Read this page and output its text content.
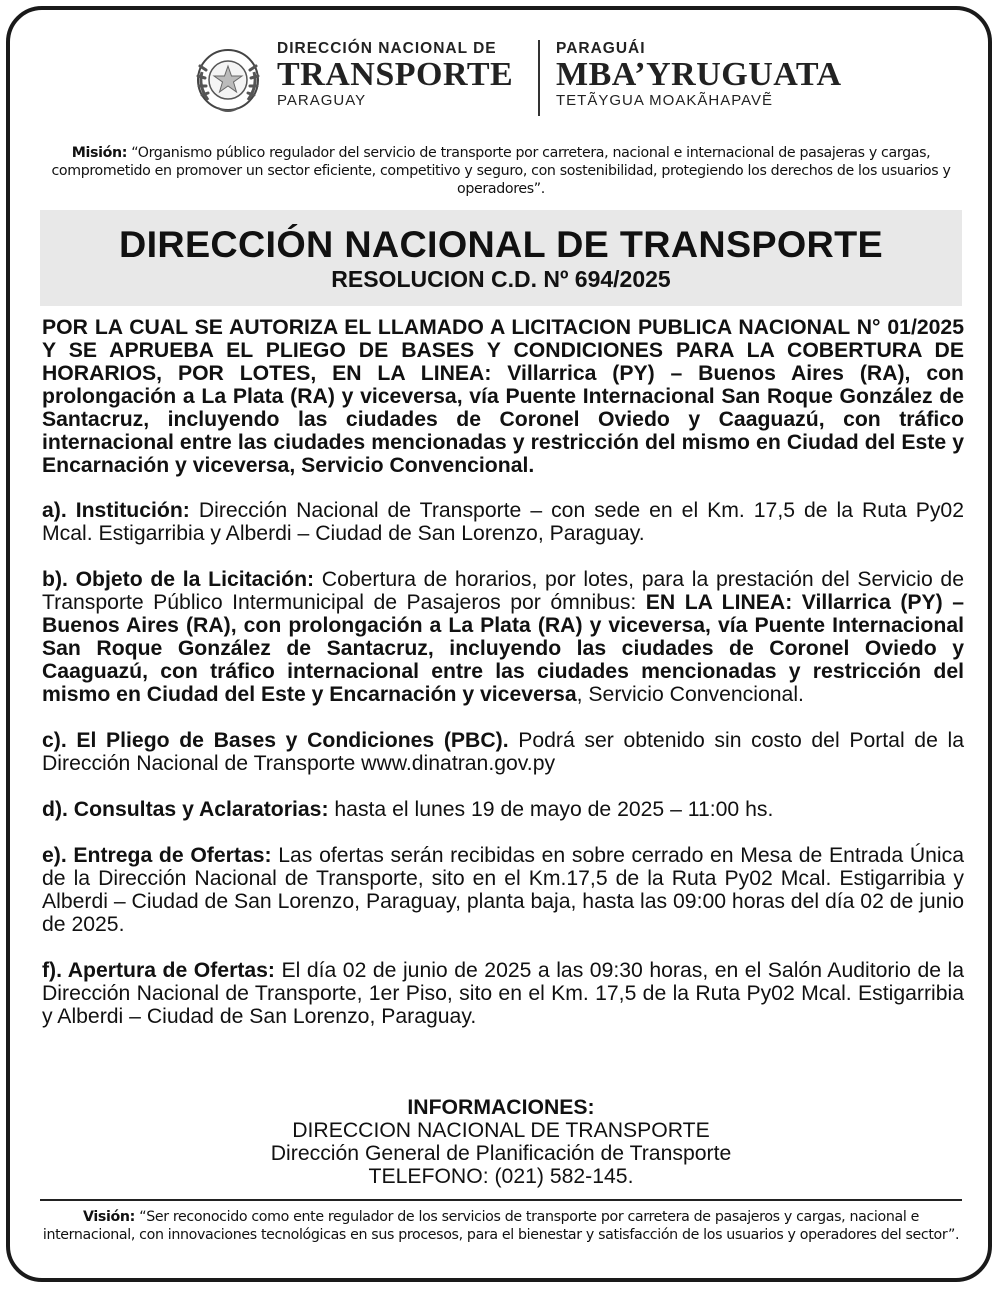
DIRECCIÓN NACIONAL DE
TRANSPORTE
PARAGUAY
PARAGUÁI
MBA’YRUGUATA
TETÃYGUA MOAKÃHAPAVẼ
Misión: “Organismo público regulador del servicio de transporte por carretera, nacional e internacional de pasajeras y cargas, comprometido en promover un sector eficiente, competitivo y seguro, con sostenibilidad, protegiendo los derechos de los usuarios y operadores”.
DIRECCIÓN NACIONAL DE TRANSPORTE
RESOLUCION C.D. Nº 694/2025

POR LA CUAL SE AUTORIZA EL LLAMADO A LICITACION PUBLICA NACIONAL N° 01/2025 Y SE APRUEBA EL PLIEGO DE BASES Y CONDICIONES PARA LA COBERTURA DE HORARIOS, POR LOTES, EN LA LINEA: Villarrica (PY) – Buenos Aires (RA), con prolongación a La Plata (RA) y viceversa, vía Puente Internacional San Roque González de Santacruz, incluyendo las ciudades de Coronel Oviedo y Caaguazú, con tráfico internacional entre las ciudades mencionadas y restricción del mismo en Ciudad del Este y Encarnación y viceversa, Servicio Convencional.

a). Institución: Dirección Nacional de Transporte – con sede en el Km. 17,5 de la Ruta Py02 Mcal. Estigarribia y Alberdi – Ciudad de San Lorenzo, Paraguay.

b). Objeto de la Licitación: Cobertura de horarios, por lotes, para la prestación del Servicio de Transporte Público Intermunicipal de Pasajeros por ómnibus: EN LA LINEA: Villarrica (PY) – Buenos Aires (RA), con prolongación a La Plata (RA) y viceversa, vía Puente Internacional San Roque González de Santacruz, incluyendo las ciudades de Coronel Oviedo y Caaguazú, con tráfico internacional entre las ciudades mencionadas y restricción del mismo en Ciudad del Este y Encarnación y viceversa, Servicio Convencional.

c). El Pliego de Bases y Condiciones (PBC). Podrá ser obtenido sin costo del Portal de la Dirección Nacional de Transporte www.dinatran.gov.py

d). Consultas y Aclaratorias: hasta el lunes 19 de mayo de 2025 – 11:00 hs.

e). Entrega de Ofertas: Las ofertas serán recibidas en sobre cerrado en Mesa de Entrada Única de la Dirección Nacional de Transporte, sito en el Km.17,5 de la Ruta Py02 Mcal. Estigarribia y Alberdi – Ciudad de San Lorenzo, Paraguay, planta baja, hasta las 09:00 horas del día 02 de junio de 2025.

f). Apertura de Ofertas: El día 02 de junio de 2025 a las 09:30 horas, en el Salón Auditorio de la Dirección Nacional de Transporte, 1er Piso, sito en el Km. 17,5 de la Ruta Py02 Mcal. Estigarribia y Alberdi – Ciudad de San Lorenzo, Paraguay.

INFORMACIONES:
DIRECCION NACIONAL DE TRANSPORTE
Dirección General de Planificación de Transporte
TELEFONO: (021) 582-145.
Visión: “Ser reconocido como ente regulador de los servicios de transporte por carretera de pasajeros y cargas, nacional e internacional, con innovaciones tecnológicas en sus procesos, para el bienestar y satisfacción de los usuarios y operadores del sector”.
